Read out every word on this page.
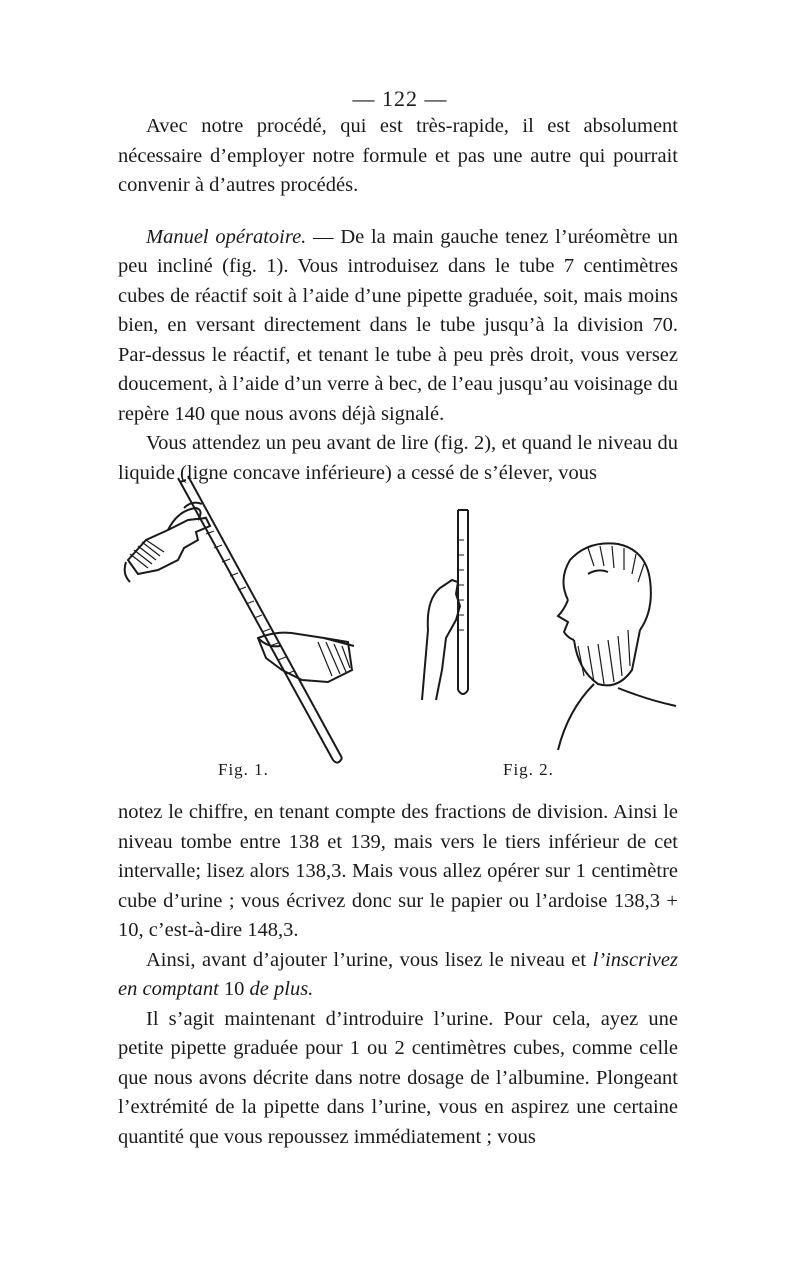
— 122 —

Avec notre procédé, qui est très-rapide, il est absolument nécessaire d’employer notre formule et pas une autre qui pourrait convenir à d’autres procédés.

Manuel opératoire. — De la main gauche tenez l’uréomètre un peu incliné (fig. 1). Vous introduisez dans le tube 7 centimètres cubes de réactif soit à l’aide d’une pipette graduée, soit, mais moins bien, en versant directement dans le tube jusqu’à la division 70. Par-dessus le réactif, et tenant le tube à peu près droit, vous versez doucement, à l’aide d’un verre à bec, de l’eau jusqu’au voisinage du repère 140 que nous avons déjà signalé.

Vous attendez un peu avant de lire (fig. 2), et quand le niveau du liquide (ligne concave inférieure) a cessé de s’élever, vous

Fig. 1.	Fig. 2.

notez le chiffre, en tenant compte des fractions de division. Ainsi le niveau tombe entre 138 et 139, mais vers le tiers inférieur de cet intervalle; lisez alors 138,3. Mais vous allez opérer sur 1 centimètre cube d’urine ; vous écrivez donc sur le papier ou l’ardoise 138,3 + 10, c’est-à-dire 148,3.

Ainsi, avant d’ajouter l’urine, vous lisez le niveau et l’inscrivez en comptant 10 de plus.

Il s’agit maintenant d’introduire l’urine. Pour cela, ayez une petite pipette graduée pour 1 ou 2 centimètres cubes, comme celle que nous avons décrite dans notre dosage de l’albumine. Plongeant l’extrémité de la pipette dans l’urine, vous en aspirez une certaine quantité que vous repoussez immédiatement ; vous
